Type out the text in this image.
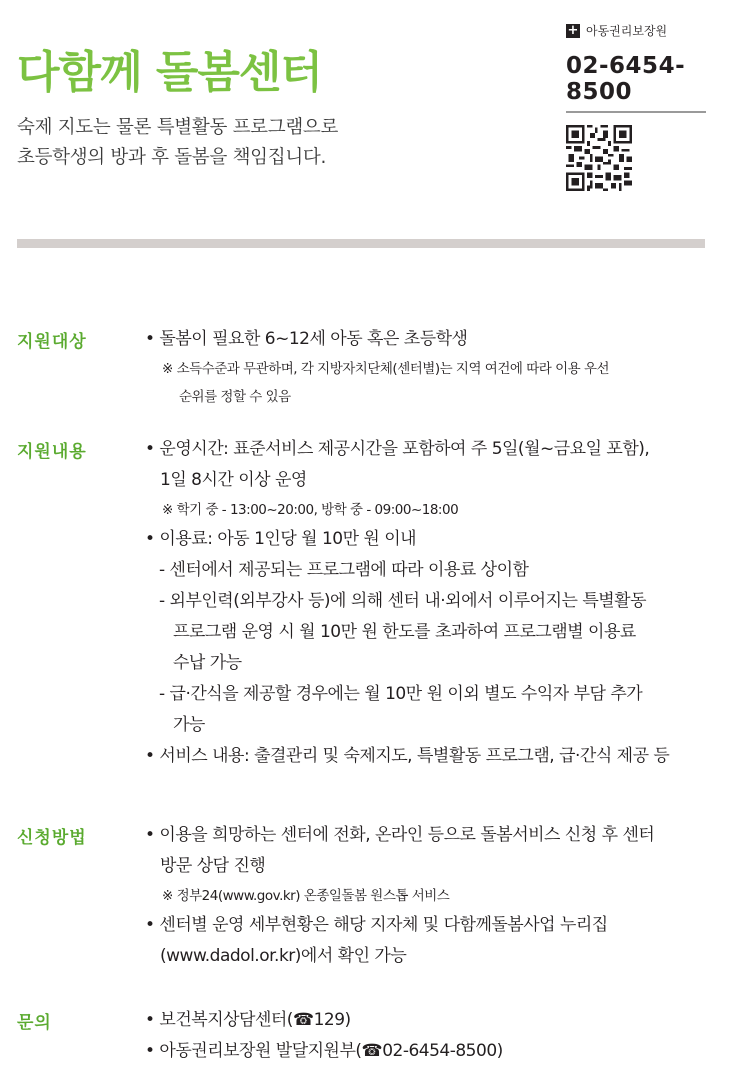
다함께 돌봄센터
숙제 지도는 물론 특별활동 프로그램으로
초등학생의 방과 후 돌봄을 책임집니다.
+ 아동권리보장원
02-6454-
8500
지원대상	• 돌봄이 필요한 6~12세 아동 혹은 초등학생
※ 소득수준과 무관하며, 각 지방자치단체(센터별)는 지역 여건에 따라 이용 우선
순위를 정할 수 있음
지원내용	• 운영시간: 표준서비스 제공시간을 포함하여 주 5일(월~금요일 포함),
1일 8시간 이상 운영
※ 학기 중 - 13:00~20:00, 방학 중 - 09:00~18:00
• 이용료: 아동 1인당 월 10만 원 이내
- 센터에서 제공되는 프로그램에 따라 이용료 상이함
- 외부인력(외부강사 등)에 의해 센터 내·외에서 이루어지는 특별활동
프로그램 운영 시 월 10만 원 한도를 초과하여 프로그램별 이용료
수납 가능
- 급·간식을 제공할 경우에는 월 10만 원 이외 별도 수익자 부담 추가
가능
• 서비스 내용: 출결관리 및 숙제지도, 특별활동 프로그램, 급·간식 제공 등
신청방법	• 이용을 희망하는 센터에 전화, 온라인 등으로 돌봄서비스 신청 후 센터
방문 상담 진행
※ 정부24(www.gov.kr) 온종일돌봄 원스톱 서비스
• 센터별 운영 세부현황은 해당 지자체 및 다함께돌봄사업 누리집
(www.dadol.or.kr)에서 확인 가능
문의	• 보건복지상담센터(☎129)
• 아동권리보장원 발달지원부(☎02-6454-8500)
